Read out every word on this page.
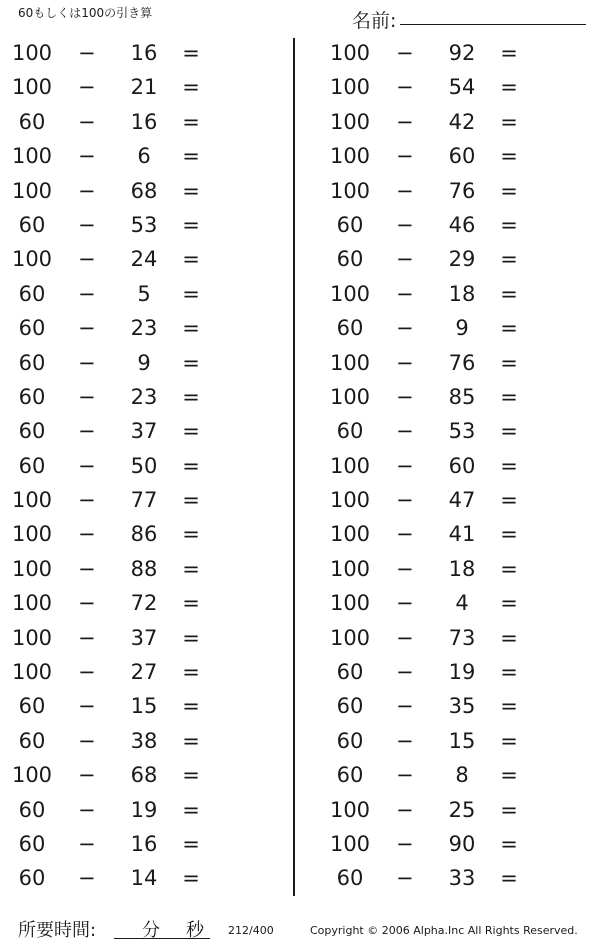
60もしくは100の引き算	名前:
100	−	16	=
100	−	21	=
60	−	16	=
100	−	6	=
100	−	68	=
60	−	53	=
100	−	24	=
60	−	5	=
60	−	23	=
60	−	9	=
60	−	23	=
60	−	37	=
60	−	50	=
100	−	77	=
100	−	86	=
100	−	88	=
100	−	72	=
100	−	37	=
100	−	27	=
60	−	15	=
60	−	38	=
100	−	68	=
60	−	19	=
60	−	16	=
60	−	14	=
100	−	92	=
100	−	54	=
100	−	42	=
100	−	60	=
100	−	76	=
60	−	46	=
60	−	29	=
100	−	18	=
60	−	9	=
100	−	76	=
100	−	85	=
60	−	53	=
100	−	60	=
100	−	47	=
100	−	41	=
100	−	18	=
100	−	4	=
100	−	73	=
60	−	19	=
60	−	35	=
60	−	15	=
60	−	8	=
100	−	25	=
100	−	90	=
60	−	33	=
所要時間:	分 秒 212/400	Copyright © 2006 Alpha.Inc All Rights Reserved.
